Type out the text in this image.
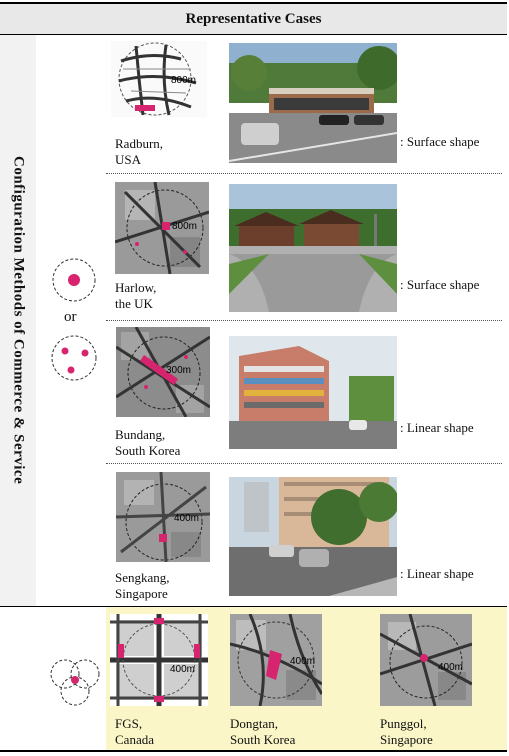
Representative Cases
Configuration Methods of Commerce & Service	or
800m
Radburn,
USA
: Surface shape
800m
Harlow,
the UK
: Surface shape
300m
Bundang,
South Korea
: Linear shape
400m
Sengkang,
Singapore
: Linear shape
400m
FGS,
Canada
400m
Dongtan,
South Korea
400m
Punggol,
Singapore
